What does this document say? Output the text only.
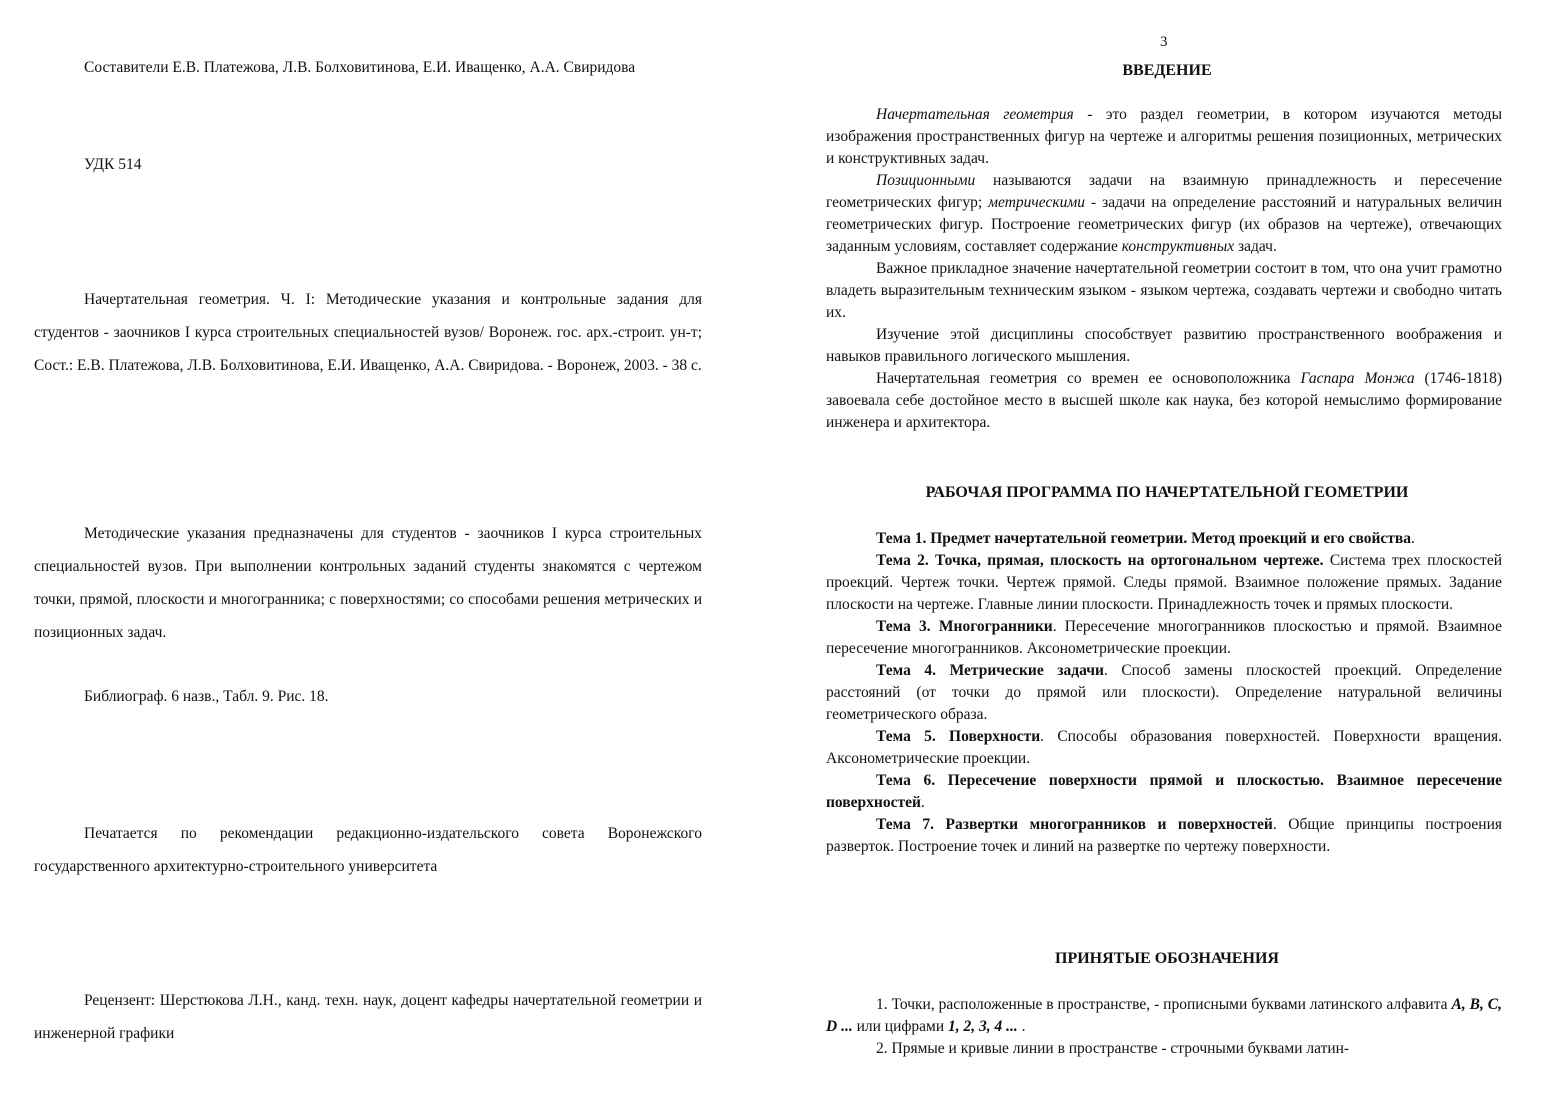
Составители Е.В. Платежова, Л.В. Болховитинова, Е.И. Иващенко, А.А. Свиридова

УДК 514

Начертательная геометрия. Ч. I: Методические указания и контрольные задания для студентов - заочников I курса строительных специальностей вузов/ Воронеж. гос. арх.-строит. ун-т; Сост.: Е.В. Платежова, Л.В. Болховитинова, Е.И. Иващенко, А.А. Свиридова. - Воронеж, 2003. - 38 с.

Методические указания предназначены для студентов - заочников I курса строительных специальностей вузов. При выполнении контрольных заданий студенты знакомятся с чертежом точки, прямой, плоскости и многогранника; с поверхностями; со способами решения метрических и позиционных задач.

Библиограф. 6 назв., Табл. 9. Рис. 18.

Печатается по рекомендации редакционно-издательского совета Воронежского государственного архитектурно-строительного университета

Рецензент: Шерстюкова Л.Н., канд. техн. наук, доцент кафедры начертательной геометрии и инженерной графики

3
ВВЕДЕНИЕ

Начертательная геометрия - это раздел геометрии, в котором изучаются методы изображения пространственных фигур на чертеже и алгоритмы решения позиционных, метрических и конструктивных задач.

Позиционными называются задачи на взаимную принадлежность и пересечение геометрических фигур; метрическими - задачи на определение расстояний и натуральных величин геометрических фигур. Построение геометрических фигур (их образов на чертеже), отвечающих заданным условиям, составляет содержание конструктивных задач.

Важное прикладное значение начертательной геометрии состоит в том, что она учит грамотно владеть выразительным техническим языком - языком чертежа, создавать чертежи и свободно читать их.

Изучение этой дисциплины способствует развитию пространственного воображения и навыков правильного логического мышления.

Начертательная геометрия со времен ее основоположника Гаспара Монжа (1746-1818) завоевала себе достойное место в высшей школе как наука, без которой немыслимо формирование инженера и архитектора.

РАБОЧАЯ ПРОГРАММА ПО НАЧЕРТАТЕЛЬНОЙ ГЕОМЕТРИИ

Тема 1. Предмет начертательной геометрии. Метод проекций и его свойства.

Тема 2. Точка, прямая, плоскость на ортогональном чертеже. Система трех плоскостей проекций. Чертеж точки. Чертеж прямой. Следы прямой. Взаимное положение прямых. Задание плоскости на чертеже. Главные линии плоскости. Принадлежность точек и прямых плоскости.

Тема 3. Многогранники. Пересечение многогранников плоскостью и прямой. Взаимное пересечение многогранников. Аксонометрические проекции.

Тема 4. Метрические задачи. Способ замены плоскостей проекций. Определение расстояний (от точки до прямой или плоскости). Определение натуральной величины геометрического образа.

Тема 5. Поверхности. Способы образования поверхностей. Поверхности вращения. Аксонометрические проекции.

Тема 6. Пересечение поверхности прямой и плоскостью. Взаимное пересечение поверхностей.

Тема 7. Развертки многогранников и поверхностей. Общие принципы построения разверток. Построение точек и линий на развертке по чертежу поверхности.

ПРИНЯТЫЕ ОБОЗНАЧЕНИЯ

1. Точки, расположенные в пространстве, - прописными буквами латинского алфавита A, B, C, D ... или цифрами 1, 2, 3, 4 ... .

2. Прямые и кривые линии в пространстве - строчными буквами латин-
